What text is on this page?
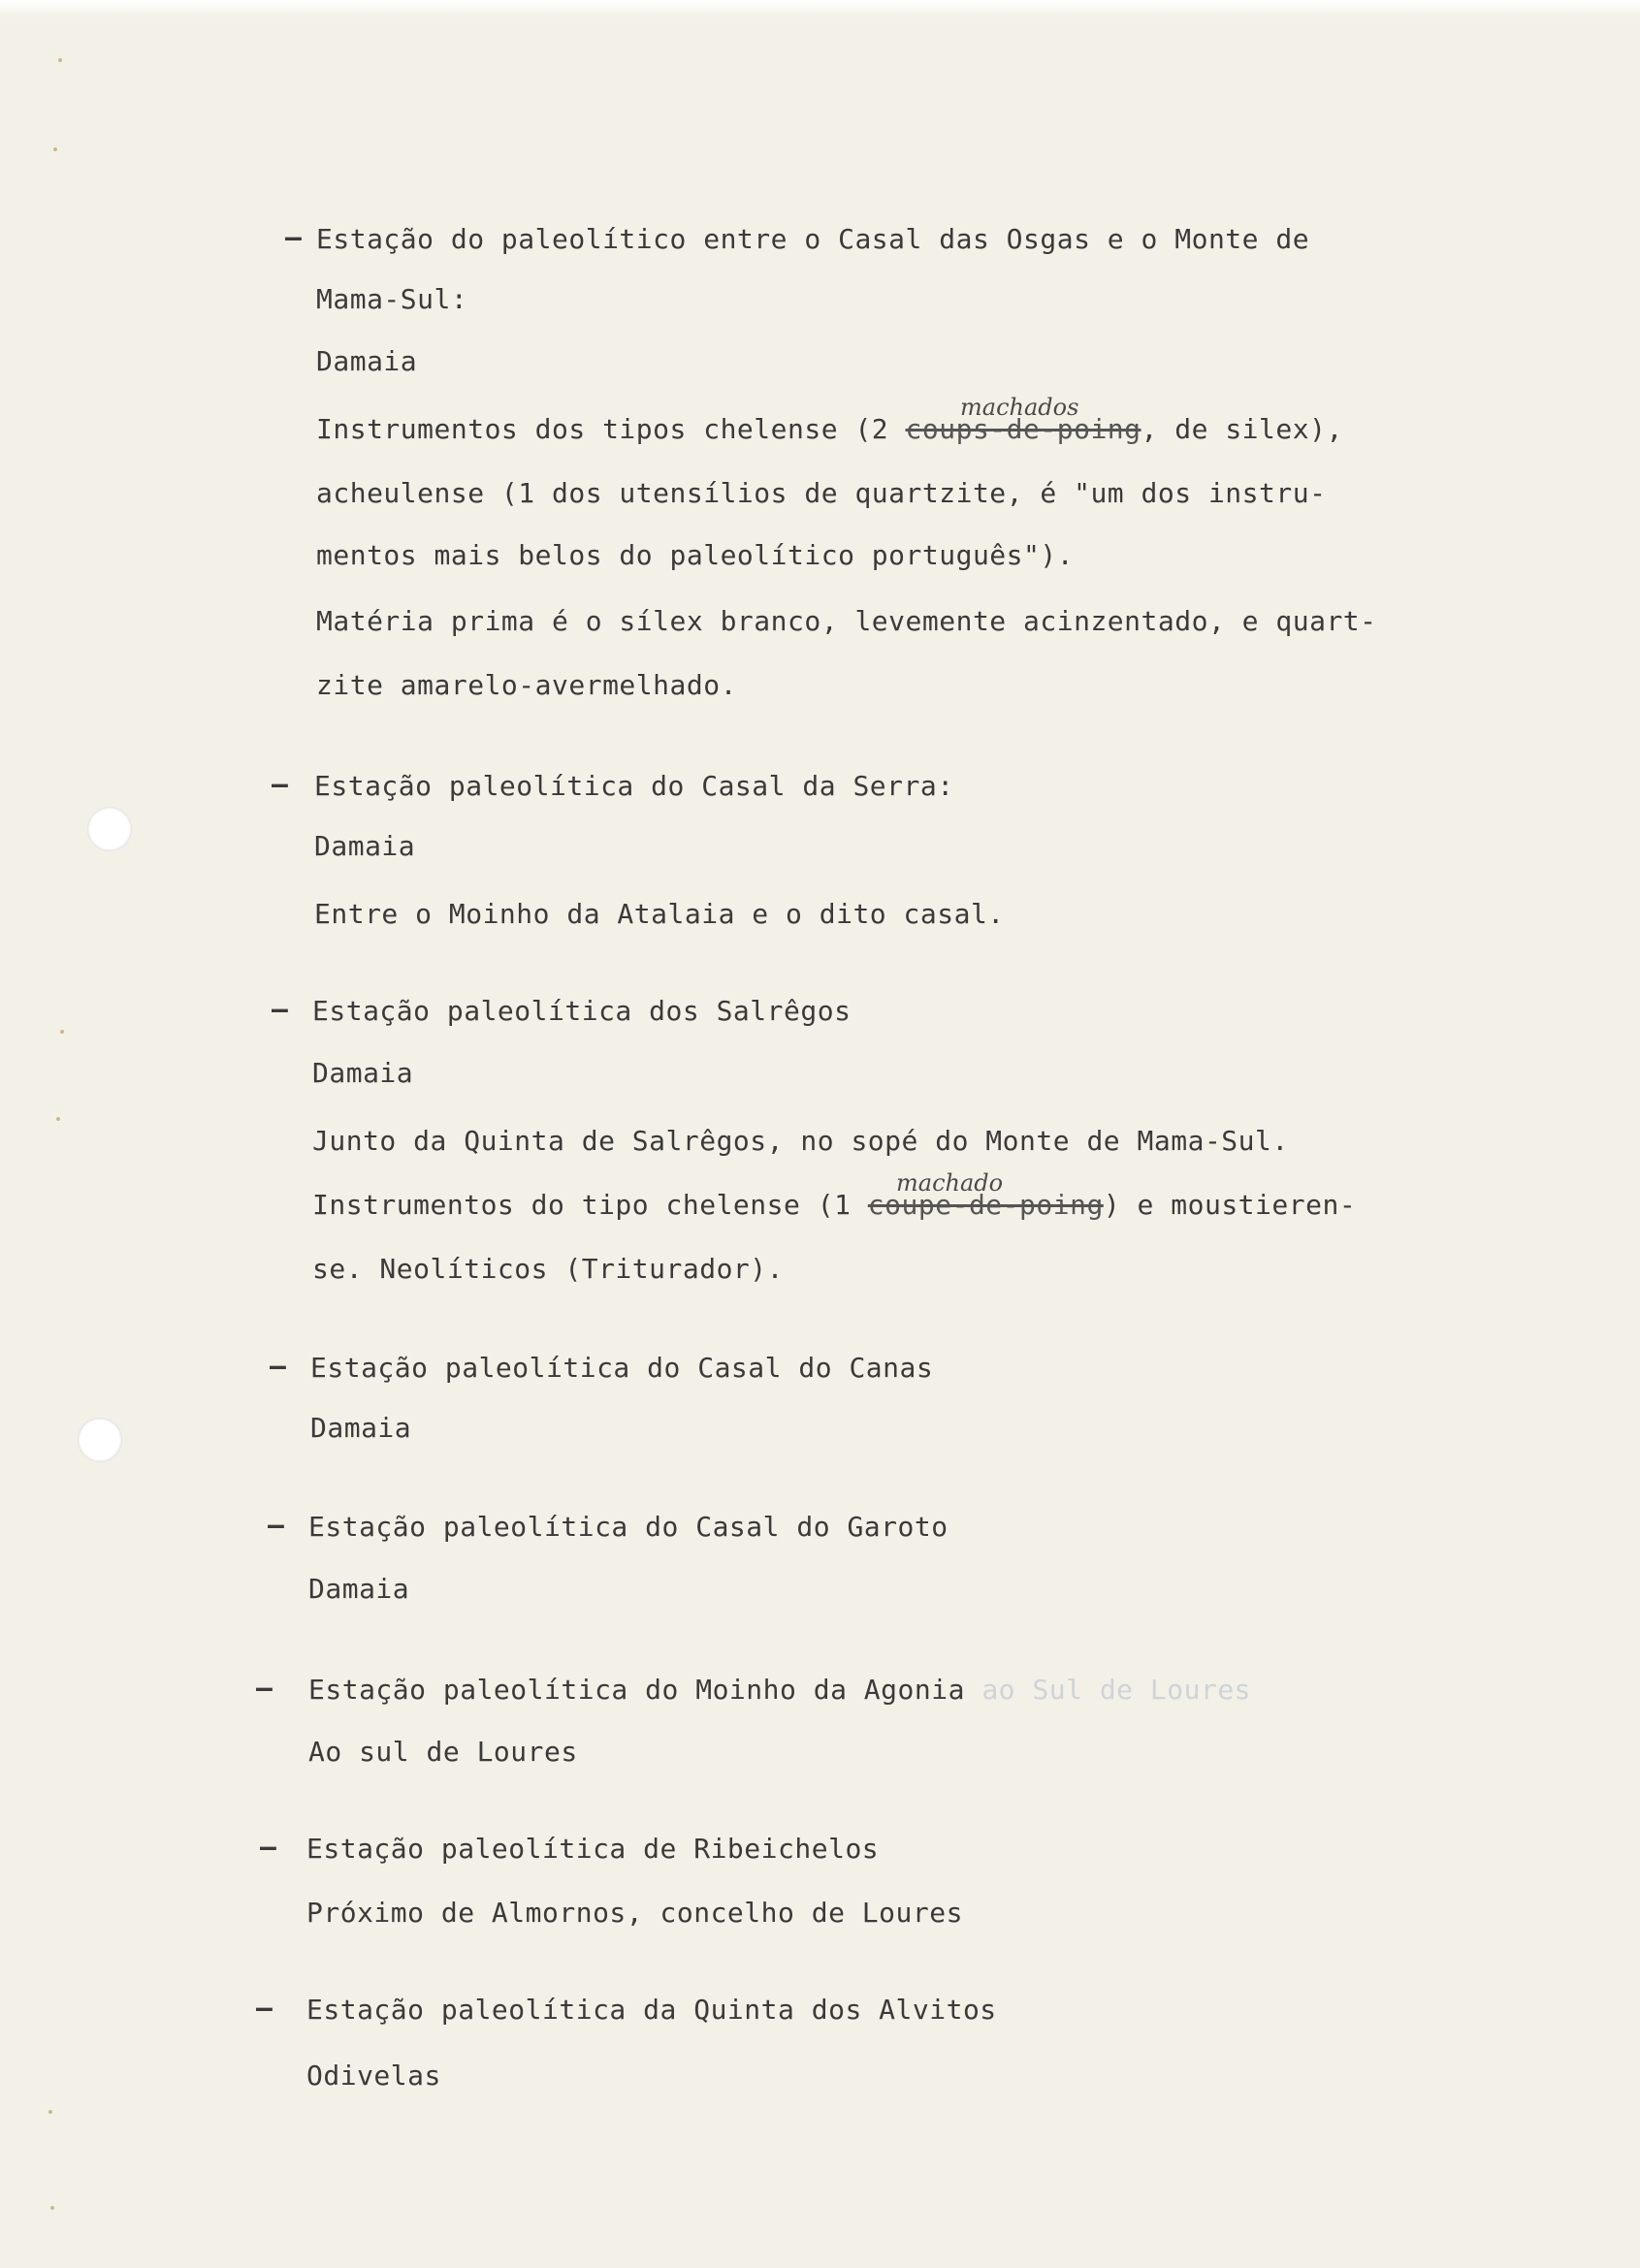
— Estação do paleolítico entre o Casal das Osgas e o Monte de
Mama-Sul:
Damaia
machados
Instrumentos dos tipos chelense (2 coups-de-poing, de silex),
acheulense (1 dos utensílios de quartzite, é "um dos instru-
mentos mais belos do paleolítico português").
Matéria prima é o sílex branco, levemente acinzentado, e quart-
zite amarelo-avermelhado.
— Estação paleolítica do Casal da Serra:
Damaia
Entre o Moinho da Atalaia e o dito casal.
— Estação paleolítica dos Salrêgos
Damaia
Junto da Quinta de Salrêgos, no sopé do Monte de Mama-Sul.
machado
Instrumentos do tipo chelense (1 coupe-de-poing) e moustieren-
se. Neolíticos (Triturador).
— Estação paleolítica do Casal do Canas
Damaia
— Estação paleolítica do Casal do Garoto
Damaia
— Estação paleolítica do Moinho da Agonia ao Sul de Loures
Ao sul de Loures
— Estação paleolítica de Ribeichelos
Próximo de Almornos, concelho de Loures
— Estação paleolítica da Quinta dos Alvitos
Odivelas
